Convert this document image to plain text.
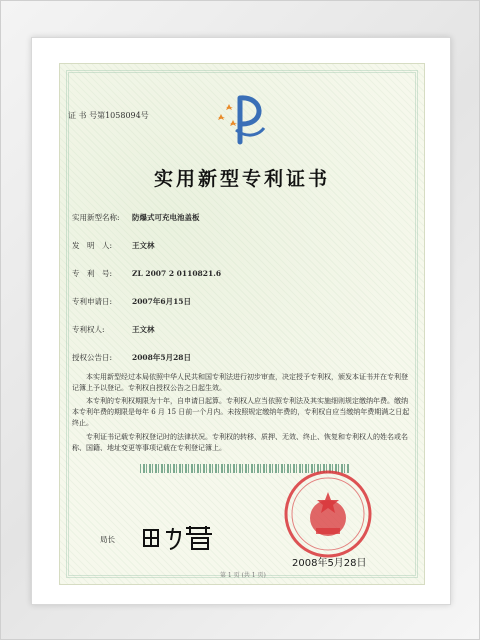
证 书 号第1058094号
实用新型专利证书
实用新型名称: 防爆式可充电池盖板
发　明　人:	王文林
专　利　号:	ZL 2007 2 0110821.6
专利申请日:	2007年6月15日
专利权人:	王文林
授权公告日:	2008年5月28日
本实用新型经过本局依照中华人民共和国专利法进行初步审查，决定授予专利权，颁发本证书并在专利登记簿上予以登记。专利权自授权公告之日起生效。
本专利的专利权期限为十年，自申请日起算。专利权人应当依照专利法及其实施细则规定缴纳年费。缴纳本专利年费的期限是每年 6 月 15 日前一个月内。未按照规定缴纳年费的，专利权自应当缴纳年费期满之日起终止。
专利证书记载专利权登记时的法律状况。专利权的转移、质押、无效、终止、恢复和专利权人的姓名或名称、国籍、地址变更等事项记载在专利登记簿上。
局长
2008年5月28日
第 1 页 (共 1 页)
